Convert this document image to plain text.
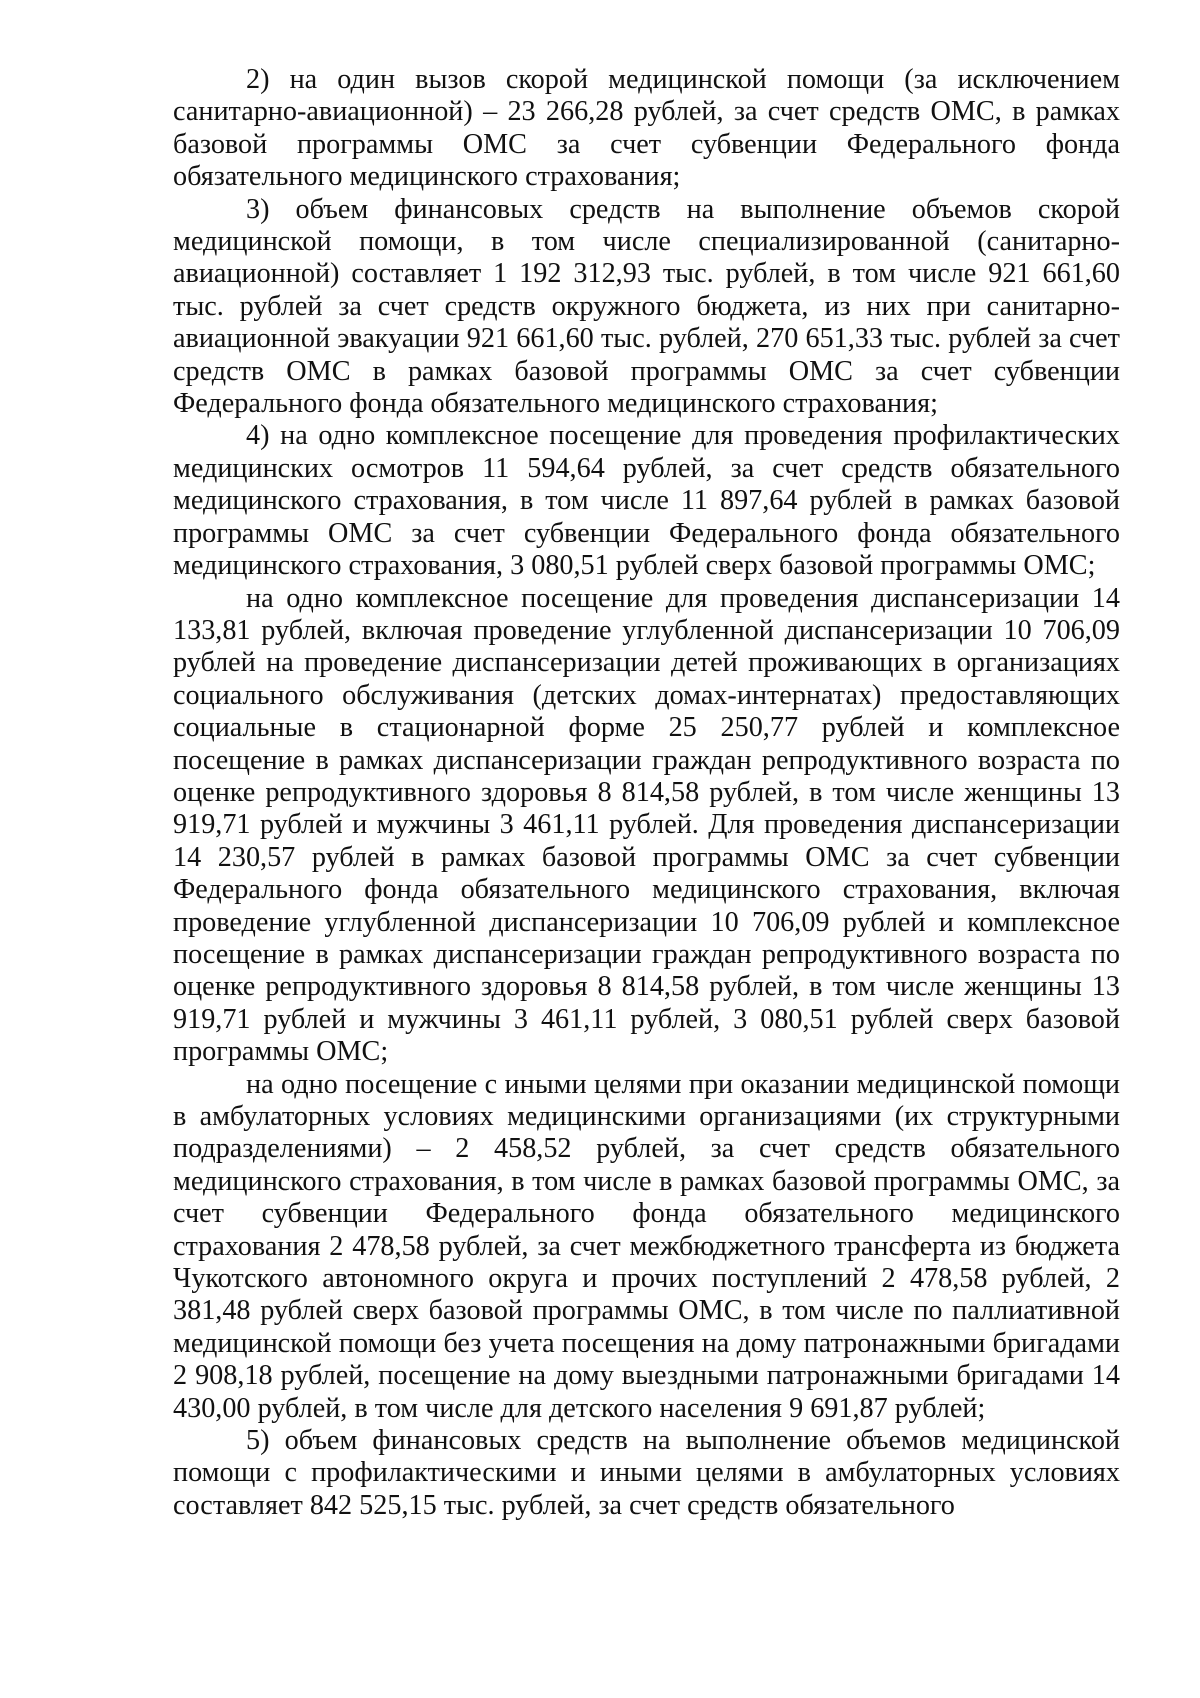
2) на один вызов скорой медицинской помощи (за исключением санитарно-авиационной) – 23 266,28 рублей, за счет средств ОМС, в рамках базовой программы ОМС за счет субвенции Федерального фонда обязательного медицинского страхования;

3) объем финансовых средств на выполнение объемов скорой медицинской помощи, в том числе специализированной (санитарно-авиационной) составляет 1 192 312,93 тыс. рублей, в том числе 921 661,60 тыс. рублей за счет средств окружного бюджета, из них при санитарно-авиационной эвакуации 921 661,60 тыс. рублей, 270 651,33 тыс. рублей за счет средств ОМС в рамках базовой программы ОМС за счет субвенции Федерального фонда обязательного медицинского страхования;

4) на одно комплексное посещение для проведения профилактических медицинских осмотров 11 594,64 рублей, за счет средств обязательного медицинского страхования, в том числе 11 897,64 рублей в рамках базовой программы ОМС за счет субвенции Федерального фонда обязательного медицинского страхования, 3 080,51 рублей сверх базовой программы ОМС;

на одно комплексное посещение для проведения диспансеризации 14 133,81 рублей, включая проведение углубленной диспансеризации 10 706,09 рублей на проведение диспансеризации детей проживающих в организациях социального обслуживания (детских домах-интернатах) предоставляющих социальные в стационарной форме 25 250,77 рублей и комплексное посещение в рамках диспансеризации граждан репродуктивного возраста по оценке репродуктивного здоровья 8 814,58 рублей, в том числе женщины 13 919,71 рублей и мужчины 3 461,11 рублей. Для проведения диспансеризации 14 230,57 рублей в рамках базовой программы ОМС за счет субвенции Федерального фонда обязательного медицинского страхования, включая проведение углубленной диспансеризации 10 706,09 рублей и комплексное посещение в рамках диспансеризации граждан репродуктивного возраста по оценке репродуктивного здоровья 8 814,58 рублей, в том числе женщины 13 919,71 рублей и мужчины 3 461,11 рублей, 3 080,51 рублей сверх базовой программы ОМС;

на одно посещение с иными целями при оказании медицинской помощи в амбулаторных условиях медицинскими организациями (их структурными подразделениями) – 2 458,52 рублей, за счет средств обязательного медицинского страхования, в том числе в рамках базовой программы ОМС, за счет субвенции Федерального фонда обязательного медицинского страхования 2 478,58 рублей, за счет межбюджетного трансферта из бюджета Чукотского автономного округа и прочих поступлений 2 478,58 рублей, 2 381,48 рублей сверх базовой программы ОМС, в том числе по паллиативной медицинской помощи без учета посещения на дому патронажными бригадами 2 908,18 рублей, посещение на дому выездными патронажными бригадами 14 430,00 рублей, в том числе для детского населения 9 691,87 рублей;

5) объем финансовых средств на выполнение объемов медицинской помощи с профилактическими и иными целями в амбулаторных условиях составляет 842 525,15 тыс. рублей, за счет средств обязательного
